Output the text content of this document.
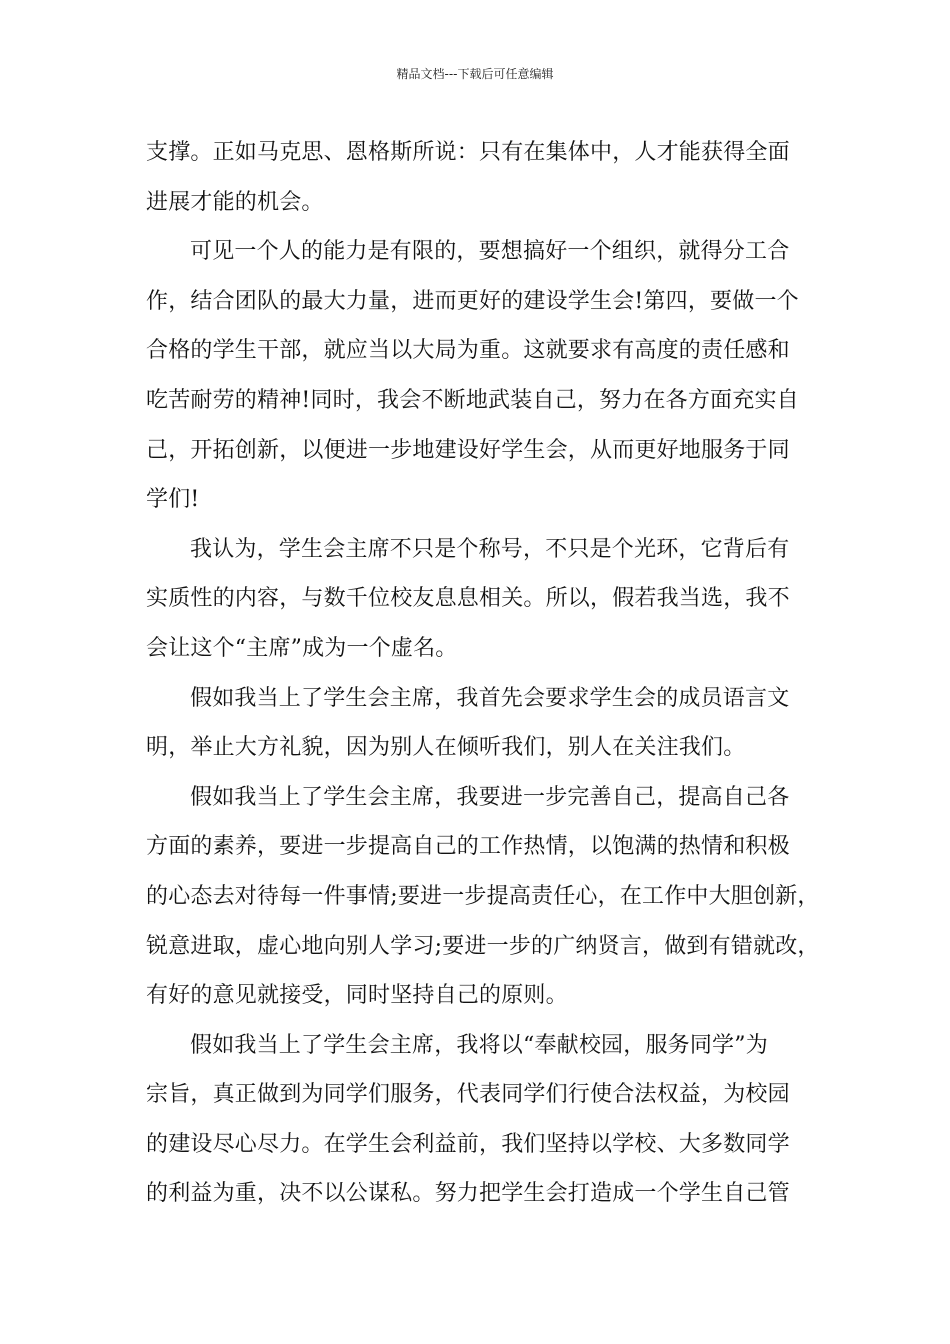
精品文档---下载后可任意编辑
支撑。正如马克思、恩格斯所说：只有在集体中，人才能获得全面
进展才能的机会。
可见一个人的能力是有限的，要想搞好一个组织，就得分工合
作，结合团队的最大力量，进而更好的建设学生会!第四，要做一个
合格的学生干部，就应当以大局为重。这就要求有高度的责任感和
吃苦耐劳的精神!同时，我会不断地武装自己，努力在各方面充实自
己，开拓创新，以便进一步地建设好学生会，从而更好地服务于同
学们!
我认为，学生会主席不只是个称号，不只是个光环，它背后有
实质性的内容，与数千位校友息息相关。所以，假若我当选，我不
会让这个“主席”成为一个虚名。
假如我当上了学生会主席，我首先会要求学生会的成员语言文
明，举止大方礼貌，因为别人在倾听我们，别人在关注我们。
假如我当上了学生会主席，我要进一步完善自己，提高自己各
方面的素养，要进一步提高自己的工作热情，以饱满的热情和积极
的心态去对待每一件事情;要进一步提高责任心，在工作中大胆创新，
锐意进取，虚心地向别人学习;要进一步的广纳贤言，做到有错就改，
有好的意见就接受，同时坚持自己的原则。
假如我当上了学生会主席，我将以“奉献校园，服务同学”为
宗旨，真正做到为同学们服务，代表同学们行使合法权益，为校园
的建设尽心尽力。在学生会利益前，我们坚持以学校、大多数同学
的利益为重，决不以公谋私。努力把学生会打造成一个学生自己管
